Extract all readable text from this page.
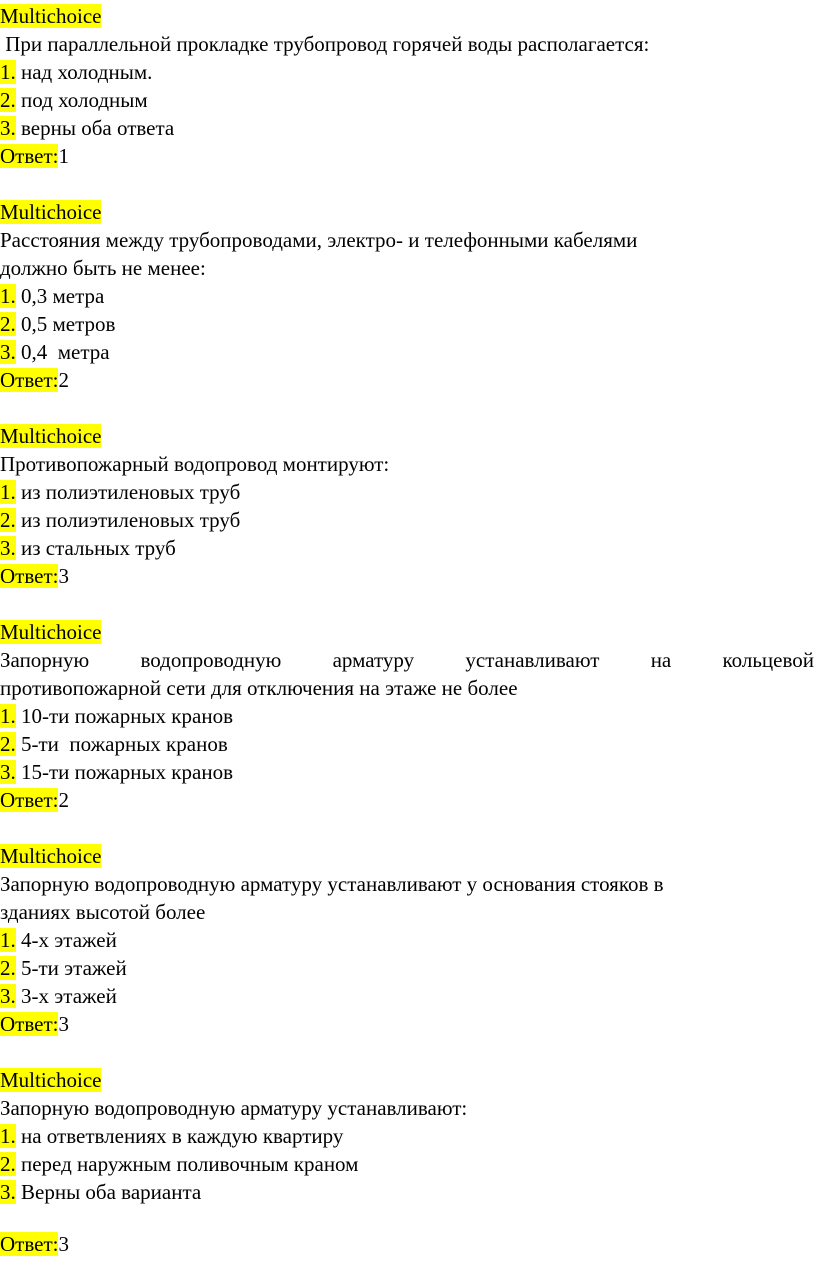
Multichoice
При параллельной прокладке трубопровод горячей воды располагается:
1. над холодным.
2. под холодным
3. верны оба ответа
Ответ:1
Multichoice
Расстояния между трубопроводами, электро- и телефонными кабелями
должно быть не менее:
1. 0,3 метра
2. 0,5 метров
3. 0,4  метра
Ответ:2
Multichoice
Противопожарный водопровод монтируют:
1. из полиэтиленовых труб
2. из полиэтиленовых труб
3. из стальных труб
Ответ:3
Multichoice
Запорную водопроводную арматуру устанавливают на кольцевой
противопожарной сети для отключения на этаже не более
1. 10-ти пожарных кранов
2. 5-ти  пожарных кранов
3. 15-ти пожарных кранов
Ответ:2
Multichoice
Запорную водопроводную арматуру устанавливают у основания стояков в
зданиях высотой более
1. 4-х этажей
2. 5-ти этажей
3. 3-х этажей
Ответ:3
Multichoice
Запорную водопроводную арматуру устанавливают:
1. на ответвлениях в каждую квартиру
2. перед наружным поливочным краном
3. Верны оба варианта
Ответ:3
